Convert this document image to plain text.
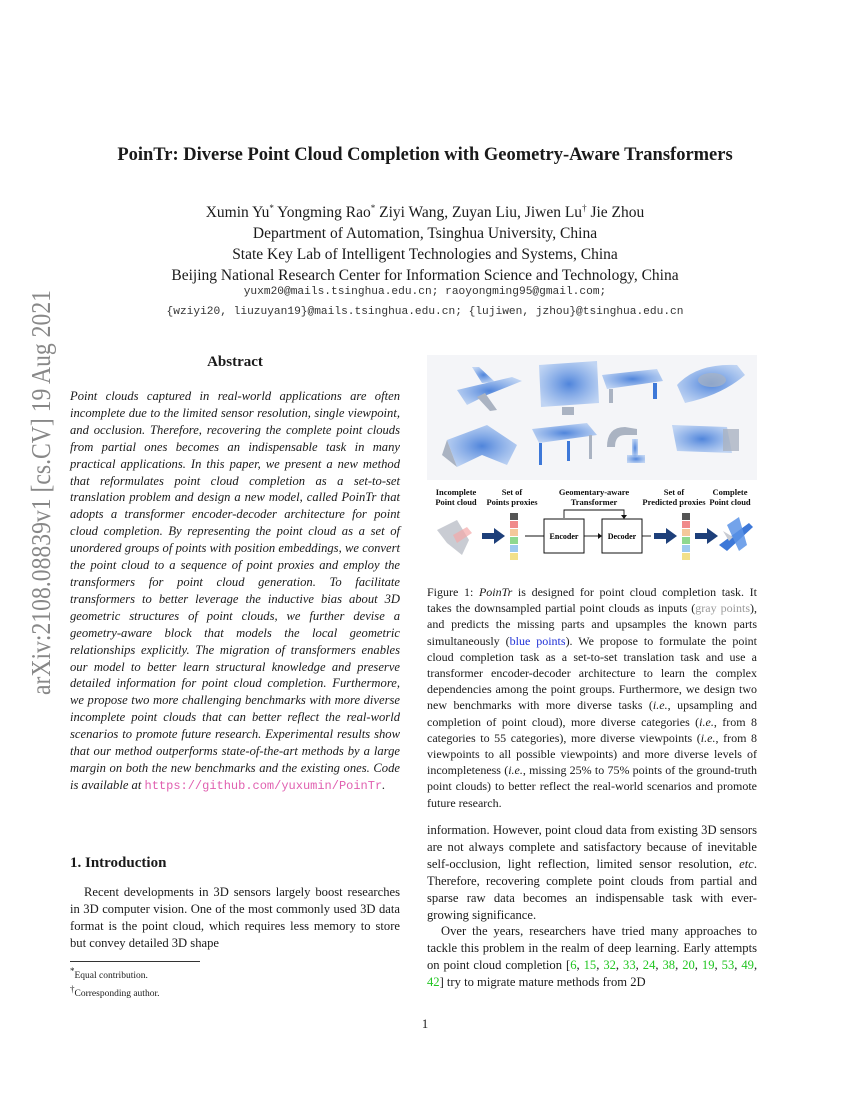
arXiv:2108.08839v1 [cs.CV] 19 Aug 2021
PoinTr: Diverse Point Cloud Completion with Geometry-Aware Transformers
Xumin Yu* Yongming Rao* Ziyi Wang, Zuyan Liu, Jiwen Lu† Jie Zhou
Department of Automation, Tsinghua University, China
State Key Lab of Intelligent Technologies and Systems, China
Beijing National Research Center for Information Science and Technology, China
yuxm20@mails.tsinghua.edu.cn; raoyongming95@gmail.com;
{wziyi20, liuzuyan19}@mails.tsinghua.edu.cn; {lujiwen, jzhou}@tsinghua.edu.cn
Abstract
Point clouds captured in real-world applications are often incomplete due to the limited sensor resolution, single viewpoint, and occlusion. Therefore, recovering the complete point clouds from partial ones becomes an indispensable task in many practical applications. In this paper, we present a new method that reformulates point cloud completion as a set-to-set translation problem and design a new model, called PoinTr that adopts a transformer encoder-decoder architecture for point cloud completion. By representing the point cloud as a set of unordered groups of points with position embeddings, we convert the point cloud to a sequence of point proxies and employ the transformers for point cloud generation. To facilitate transformers to better leverage the inductive bias about 3D geometric structures of point clouds, we further devise a geometry-aware block that models the local geometric relationships explicitly. The migration of transformers enables our model to better learn structural knowledge and preserve detailed information for point cloud completion. Furthermore, we propose two more challenging benchmarks with more diverse incomplete point clouds that can better reflect the real-world scenarios to promote future research. Experimental results show that our method outperforms state-of-the-art methods by a large margin on both the new benchmarks and the existing ones. Code is available at https://github.com/yuxumin/PoinTr.
1. Introduction
Recent developments in 3D sensors largely boost researches in 3D computer vision. One of the most commonly used 3D data format is the point cloud, which requires less memory to store but convey detailed 3D shape
*Equal contribution.
†Corresponding author.
Incomplete
Point cloud
Set of
Points proxies
Geomentary-aware
Transformer
Set of
Predicted proxies
Complete
Point cloud
Encoder	Decoder
Figure 1: PoinTr is designed for point cloud completion task. It takes the downsampled partial point clouds as inputs (gray points), and predicts the missing parts and upsamples the known parts simultaneously (blue points). We propose to formulate the point cloud completion task as a set-to-set translation task and use a transformer encoder-decoder architecture to learn the complex dependencies among the point groups. Furthermore, we design two new benchmarks with more diverse tasks (i.e., upsampling and completion of point cloud), more diverse categories (i.e., from 8 categories to 55 categories), more diverse viewpoints (i.e., from 8 viewpoints to all possible viewpoints) and more diverse levels of incompleteness (i.e., missing 25% to 75% points of the ground-truth point clouds) to better reflect the real-world scenarios and promote future research.

information. However, point cloud data from existing 3D sensors are not always complete and satisfactory because of inevitable self-occlusion, light reflection, limited sensor resolution, etc. Therefore, recovering complete point clouds from partial and sparse raw data becomes an indispensable task with ever-growing significance.

Over the years, researchers have tried many approaches to tackle this problem in the realm of deep learning. Early attempts on point cloud completion [6, 15, 32, 33, 24, 38, 20, 19, 53, 49, 42] try to migrate mature methods from 2D

1
